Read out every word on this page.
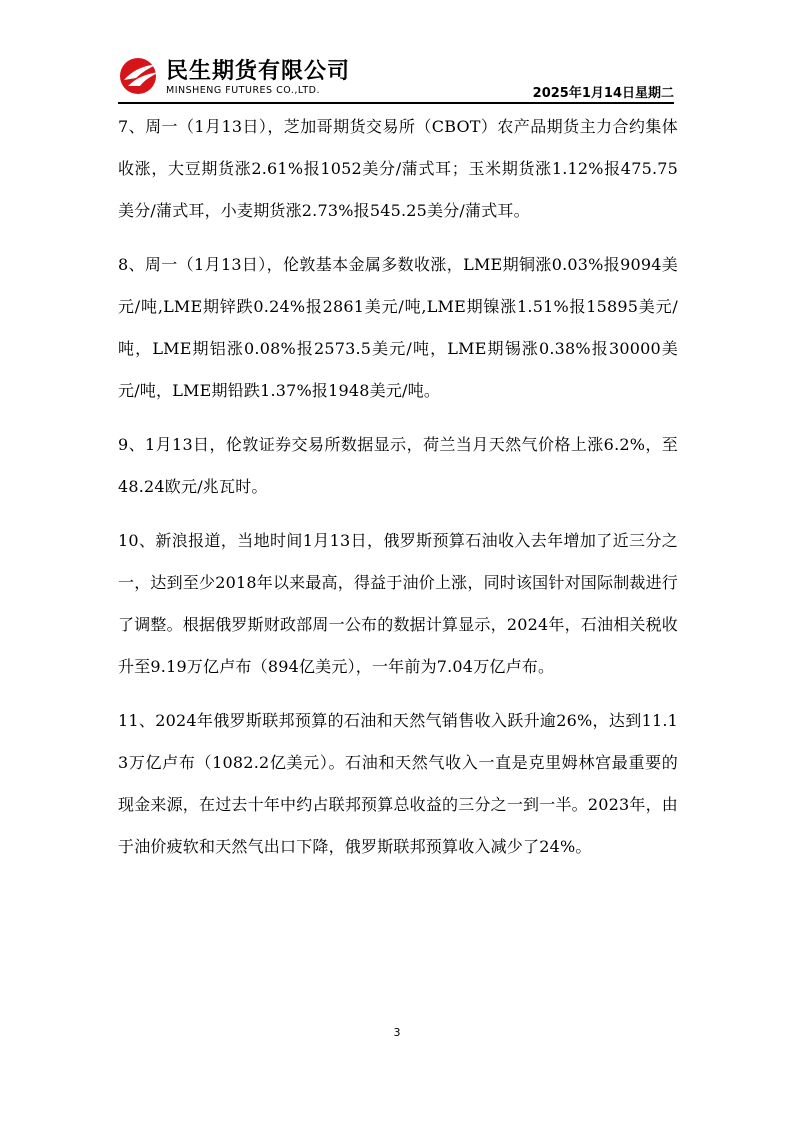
民生期货有限公司
MINSHENG FUTURES CO.,LTD.	2025年1月14日星期二

7、周一（1月13日），芝加哥期货交易所（CBOT）农产品期货主力合约集体收涨，大豆期货涨2.61%报1052美分/蒲式耳；玉米期货涨1.12%报475.75美分/蒲式耳，小麦期货涨2.73%报545.25美分/蒲式耳。

8、周一（1月13日），伦敦基本金属多数收涨，LME期铜涨0.03%报9094美元/吨,LME期锌跌0.24%报2861美元/吨,LME期镍涨1.51%报15895美元/吨，LME期铝涨0.08%报2573.5美元/吨，LME期锡涨0.38%报30000美元/吨，LME期铅跌1.37%报1948美元/吨。

9、1月13日，伦敦证券交易所数据显示，荷兰当月天然气价格上涨6.2%，至48.24欧元/兆瓦时。

10、新浪报道，当地时间1月13日，俄罗斯预算石油收入去年增加了近三分之一，达到至少2018年以来最高，得益于油价上涨，同时该国针对国际制裁进行了调整。根据俄罗斯财政部周一公布的数据计算显示，2024年，石油相关税收升至9.19万亿卢布（894亿美元），一年前为7.04万亿卢布。

11、2024年俄罗斯联邦预算的石油和天然气销售收入跃升逾26%，达到11.13万亿卢布（1082.2亿美元）。石油和天然气收入一直是克里姆林宫最重要的现金来源，在过去十年中约占联邦预算总收益的三分之一到一半。2023年，由于油价疲软和天然气出口下降，俄罗斯联邦预算收入减少了24%。

3
